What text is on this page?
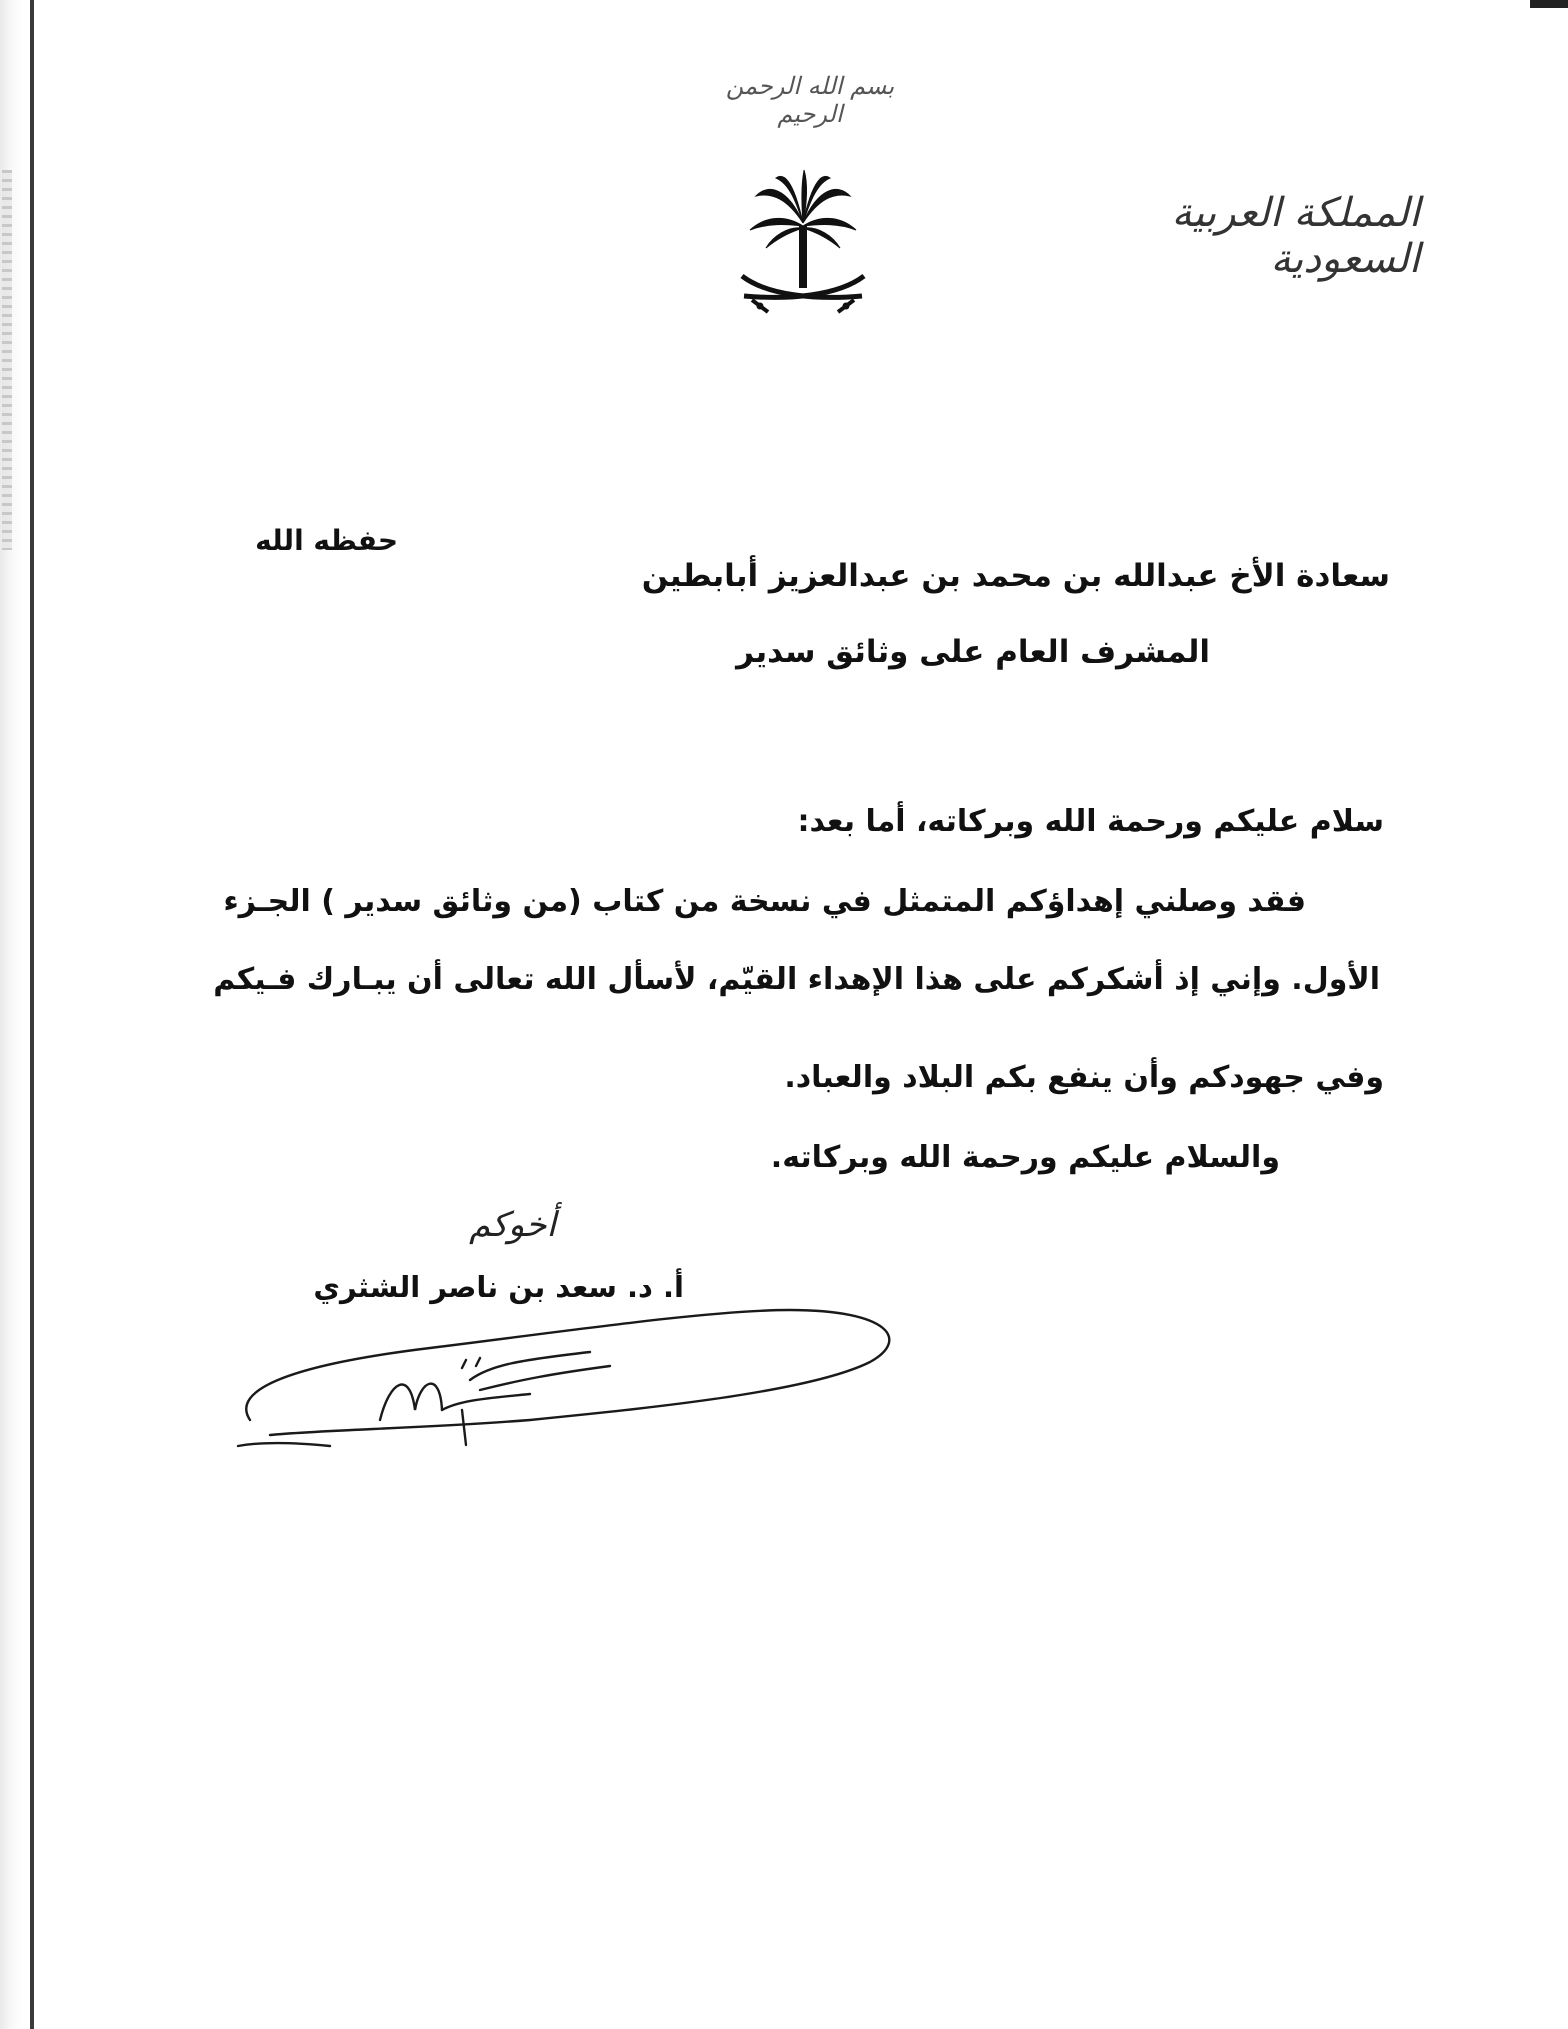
بسم الله الرحمن الرحيم
المملكة العربية السعودية
حفظه الله
سعادة الأخ عبدالله بن محمد بن عبدالعزيز أبابطين
المشرف العام على وثائق سدير
سلام عليكم ورحمة الله وبركاته، أما بعد:
فقد وصلني إهداؤكم المتمثل في نسخة من كتاب (من وثائق سدير ) الجـزء
الأول. وإني إذ أشكركم على هذا الإهداء القيّم، لأسأل الله تعالى أن يبـارك فـيكم
وفي جهودكم وأن ينفع بكم البلاد والعباد.
والسلام عليكم ورحمة الله وبركاته.
أخوكم
أ. د. سعد بن ناصر الشثري
